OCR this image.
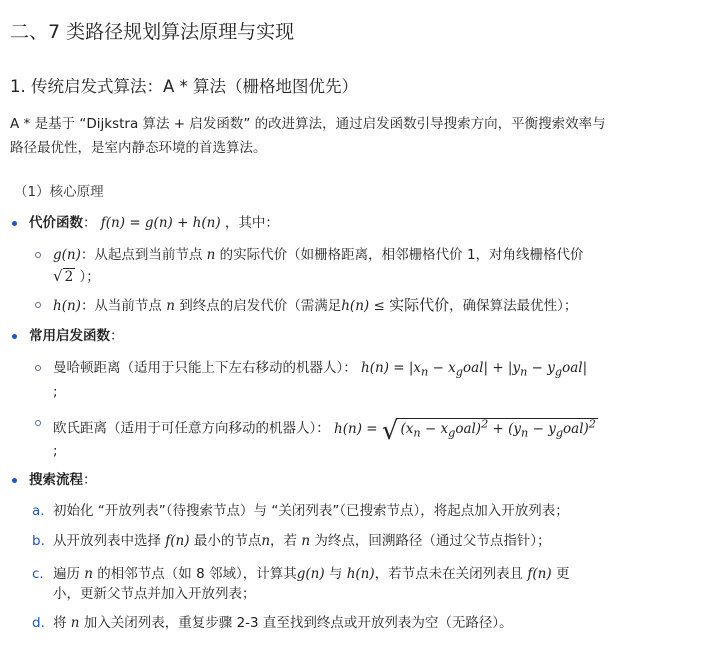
二、7 类路径规划算法原理与实现
1. 传统启发式算法：A * 算法（栅格地图优先）
A * 是基于 “Dijkstra 算法 + 启发函数” 的改进算法，通过启发函数引导搜索方向，平衡搜索效率与
路径最优性，是室内静态环境的首选算法。
（1）核心原理
代价函数： f(n) = g(n) + h(n) ，其中：
g(n)：从起点到当前节点 n 的实际代价（如栅格距离，相邻栅格代价 1，对角线栅格代价
√ 2 ）；
h(n)：从当前节点 n 到终点的启发代价（需满足h(n) ≤ 实际代价，确保算法最优性）；
常用启发函数：
曼哈顿距离（适用于只能上下左右移动的机器人）： $h(n) = |x_n - x_goal| + |y_n - y_goal|$
;
欧氏距离（适用于可任意方向移动的机器人）： h(n) = √ $(x_n - x_goal)^2 + (y_n - y_goal)^2$
;
搜索流程：
a. 初始化 “开放列表”（待搜索节点）与 “关闭列表”（已搜索节点），将起点加入开放列表；
b. 从开放列表中选择 f(n) 最小的节点n，若 n 为终点，回溯路径（通过父节点指针）；
c. 遍历 n 的相邻节点（如 8 邻域），计算其g(n) 与 h(n)，若节点未在关闭列表且 f(n) 更
小，更新父节点并加入开放列表；
d. 将 n 加入关闭列表，重复步骤 2-3 直至找到终点或开放列表为空（无路径）。
